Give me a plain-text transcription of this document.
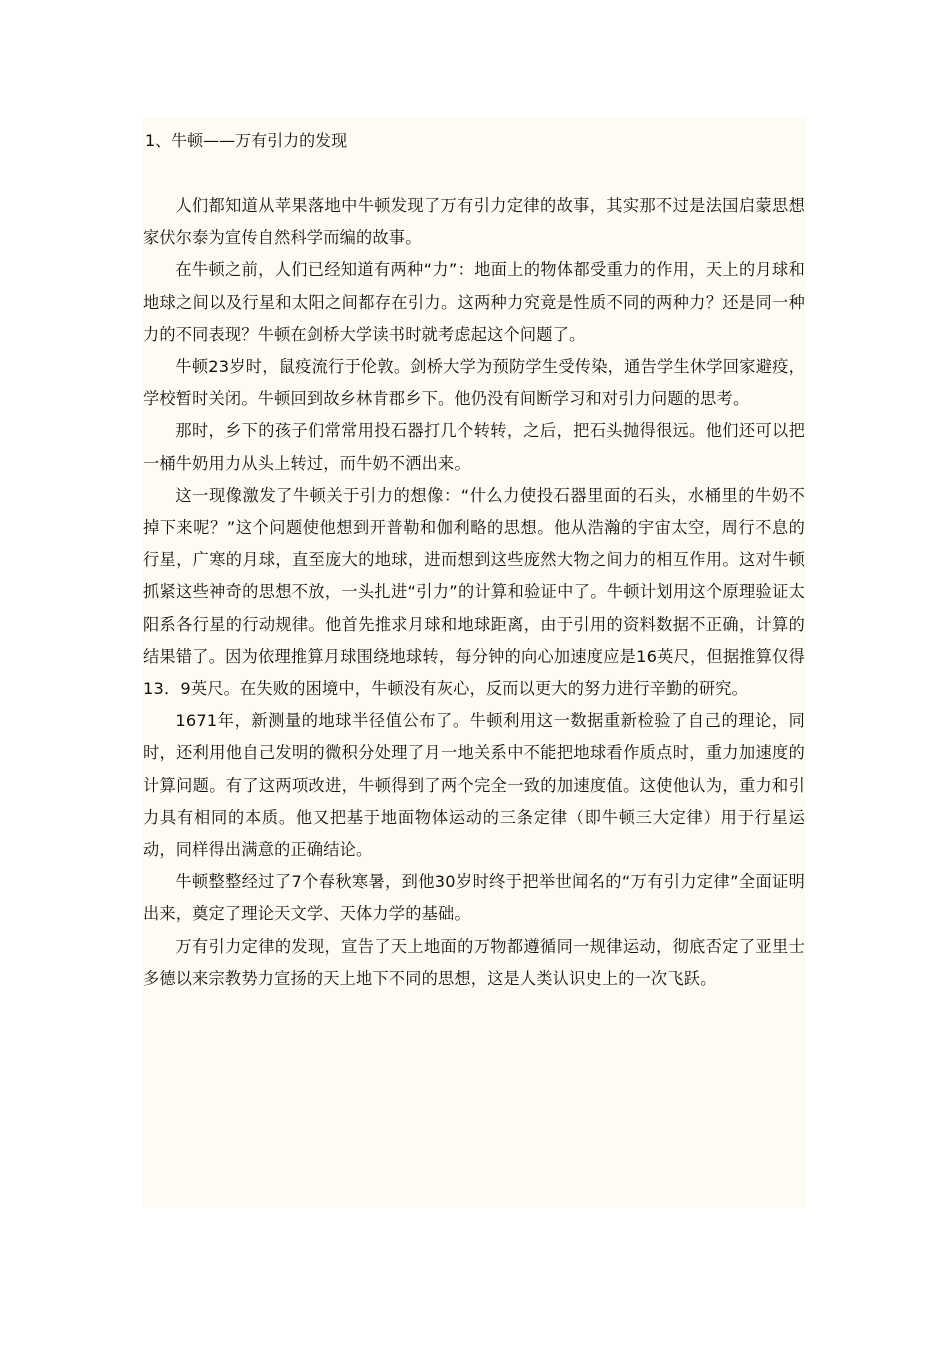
1、牛顿——万有引力的发现

人们都知道从苹果落地中牛顿发现了万有引力定律的故事，其实那不过是法国启蒙思想家伏尔泰为宣传自然科学而编的故事。

在牛顿之前，人们已经知道有两种“力”：地面上的物体都受重力的作用，天上的月球和地球之间以及行星和太阳之间都存在引力。这两种力究竟是性质不同的两种力？还是同一种力的不同表现？牛顿在剑桥大学读书时就考虑起这个问题了。

牛顿23岁时，鼠疫流行于伦敦。剑桥大学为预防学生受传染，通告学生休学回家避疫，学校暂时关闭。牛顿回到故乡林肯郡乡下。他仍没有间断学习和对引力问题的思考。

那时，乡下的孩子们常常用投石器打几个转转，之后，把石头抛得很远。他们还可以把一桶牛奶用力从头上转过，而牛奶不洒出来。

这一现像激发了牛顿关于引力的想像：“什么力使投石器里面的石头，水桶里的牛奶不掉下来呢？”这个问题使他想到开普勒和伽利略的思想。他从浩瀚的宇宙太空，周行不息的行星，广寒的月球，直至庞大的地球，进而想到这些庞然大物之间力的相互作用。这对牛顿抓紧这些神奇的思想不放，一头扎进“引力”的计算和验证中了。牛顿计划用这个原理验证太阳系各行星的行动规律。他首先推求月球和地球距离，由于引用的资料数据不正确，计算的结果错了。因为依理推算月球围绕地球转，每分钟的向心加速度应是16英尺，但据推算仅得13．9英尺。在失败的困境中，牛顿没有灰心，反而以更大的努力进行辛勤的研究。

1671年，新测量的地球半径值公布了。牛顿利用这一数据重新检验了自己的理论，同时，还利用他自己发明的微积分处理了月一地关系中不能把地球看作质点时，重力加速度的计算问题。有了这两项改进，牛顿得到了两个完全一致的加速度值。这使他认为，重力和引力具有相同的本质。他又把基于地面物体运动的三条定律（即牛顿三大定律）用于行星运动，同样得出满意的正确结论。

牛顿整整经过了7个春秋寒暑，到他30岁时终于把举世闻名的“万有引力定律”全面证明出来，奠定了理论天文学、天体力学的基础。

万有引力定律的发现，宣告了天上地面的万物都遵循同一规律运动，彻底否定了亚里士多德以来宗教势力宣扬的天上地下不同的思想，这是人类认识史上的一次飞跃。
